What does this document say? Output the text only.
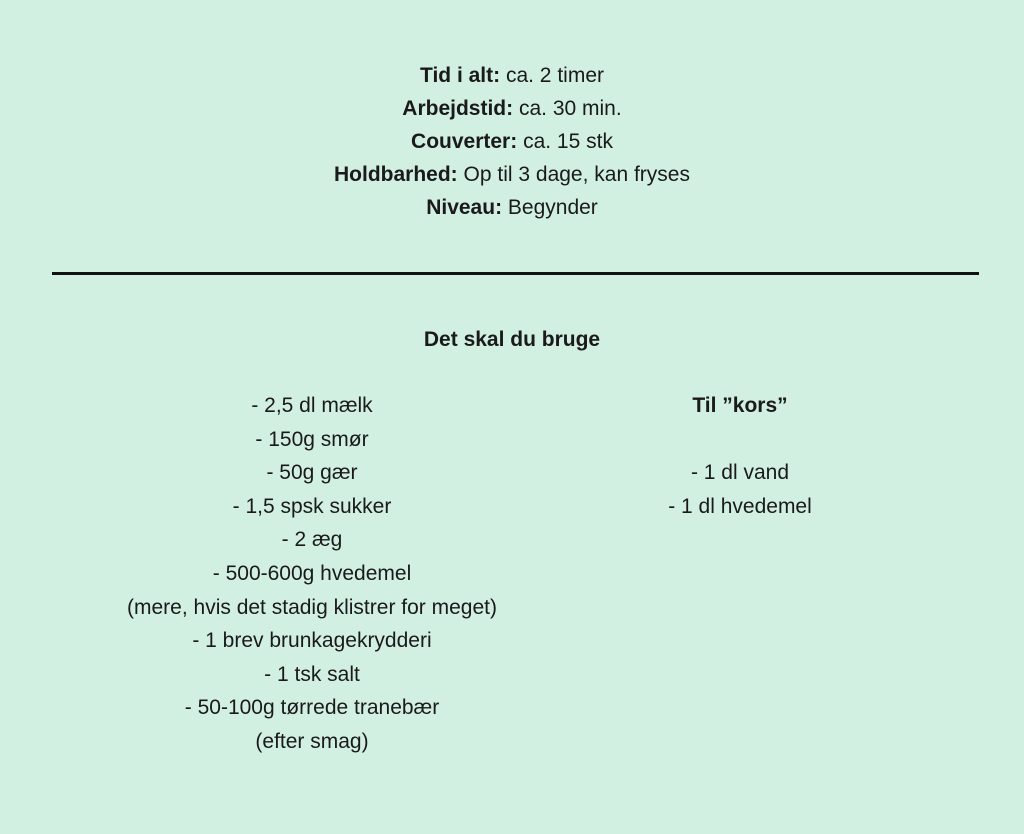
Tid i alt: ca. 2 timer
Arbejdstid: ca. 30 min.
Couverter: ca. 15 stk
Holdbarhed: Op til 3 dage, kan fryses
Niveau: Begynder
Det skal du bruge
- 2,5 dl mælk
- 150g smør
- 50g gær
- 1,5 spsk sukker
- 2 æg
- 500-600g hvedemel
(mere, hvis det stadig klistrer for meget)
- 1 brev brunkagekrydderi
- 1 tsk salt
- 50-100g tørrede tranebær
(efter smag)
Til ”kors”
- 1 dl vand
- 1 dl hvedemel
